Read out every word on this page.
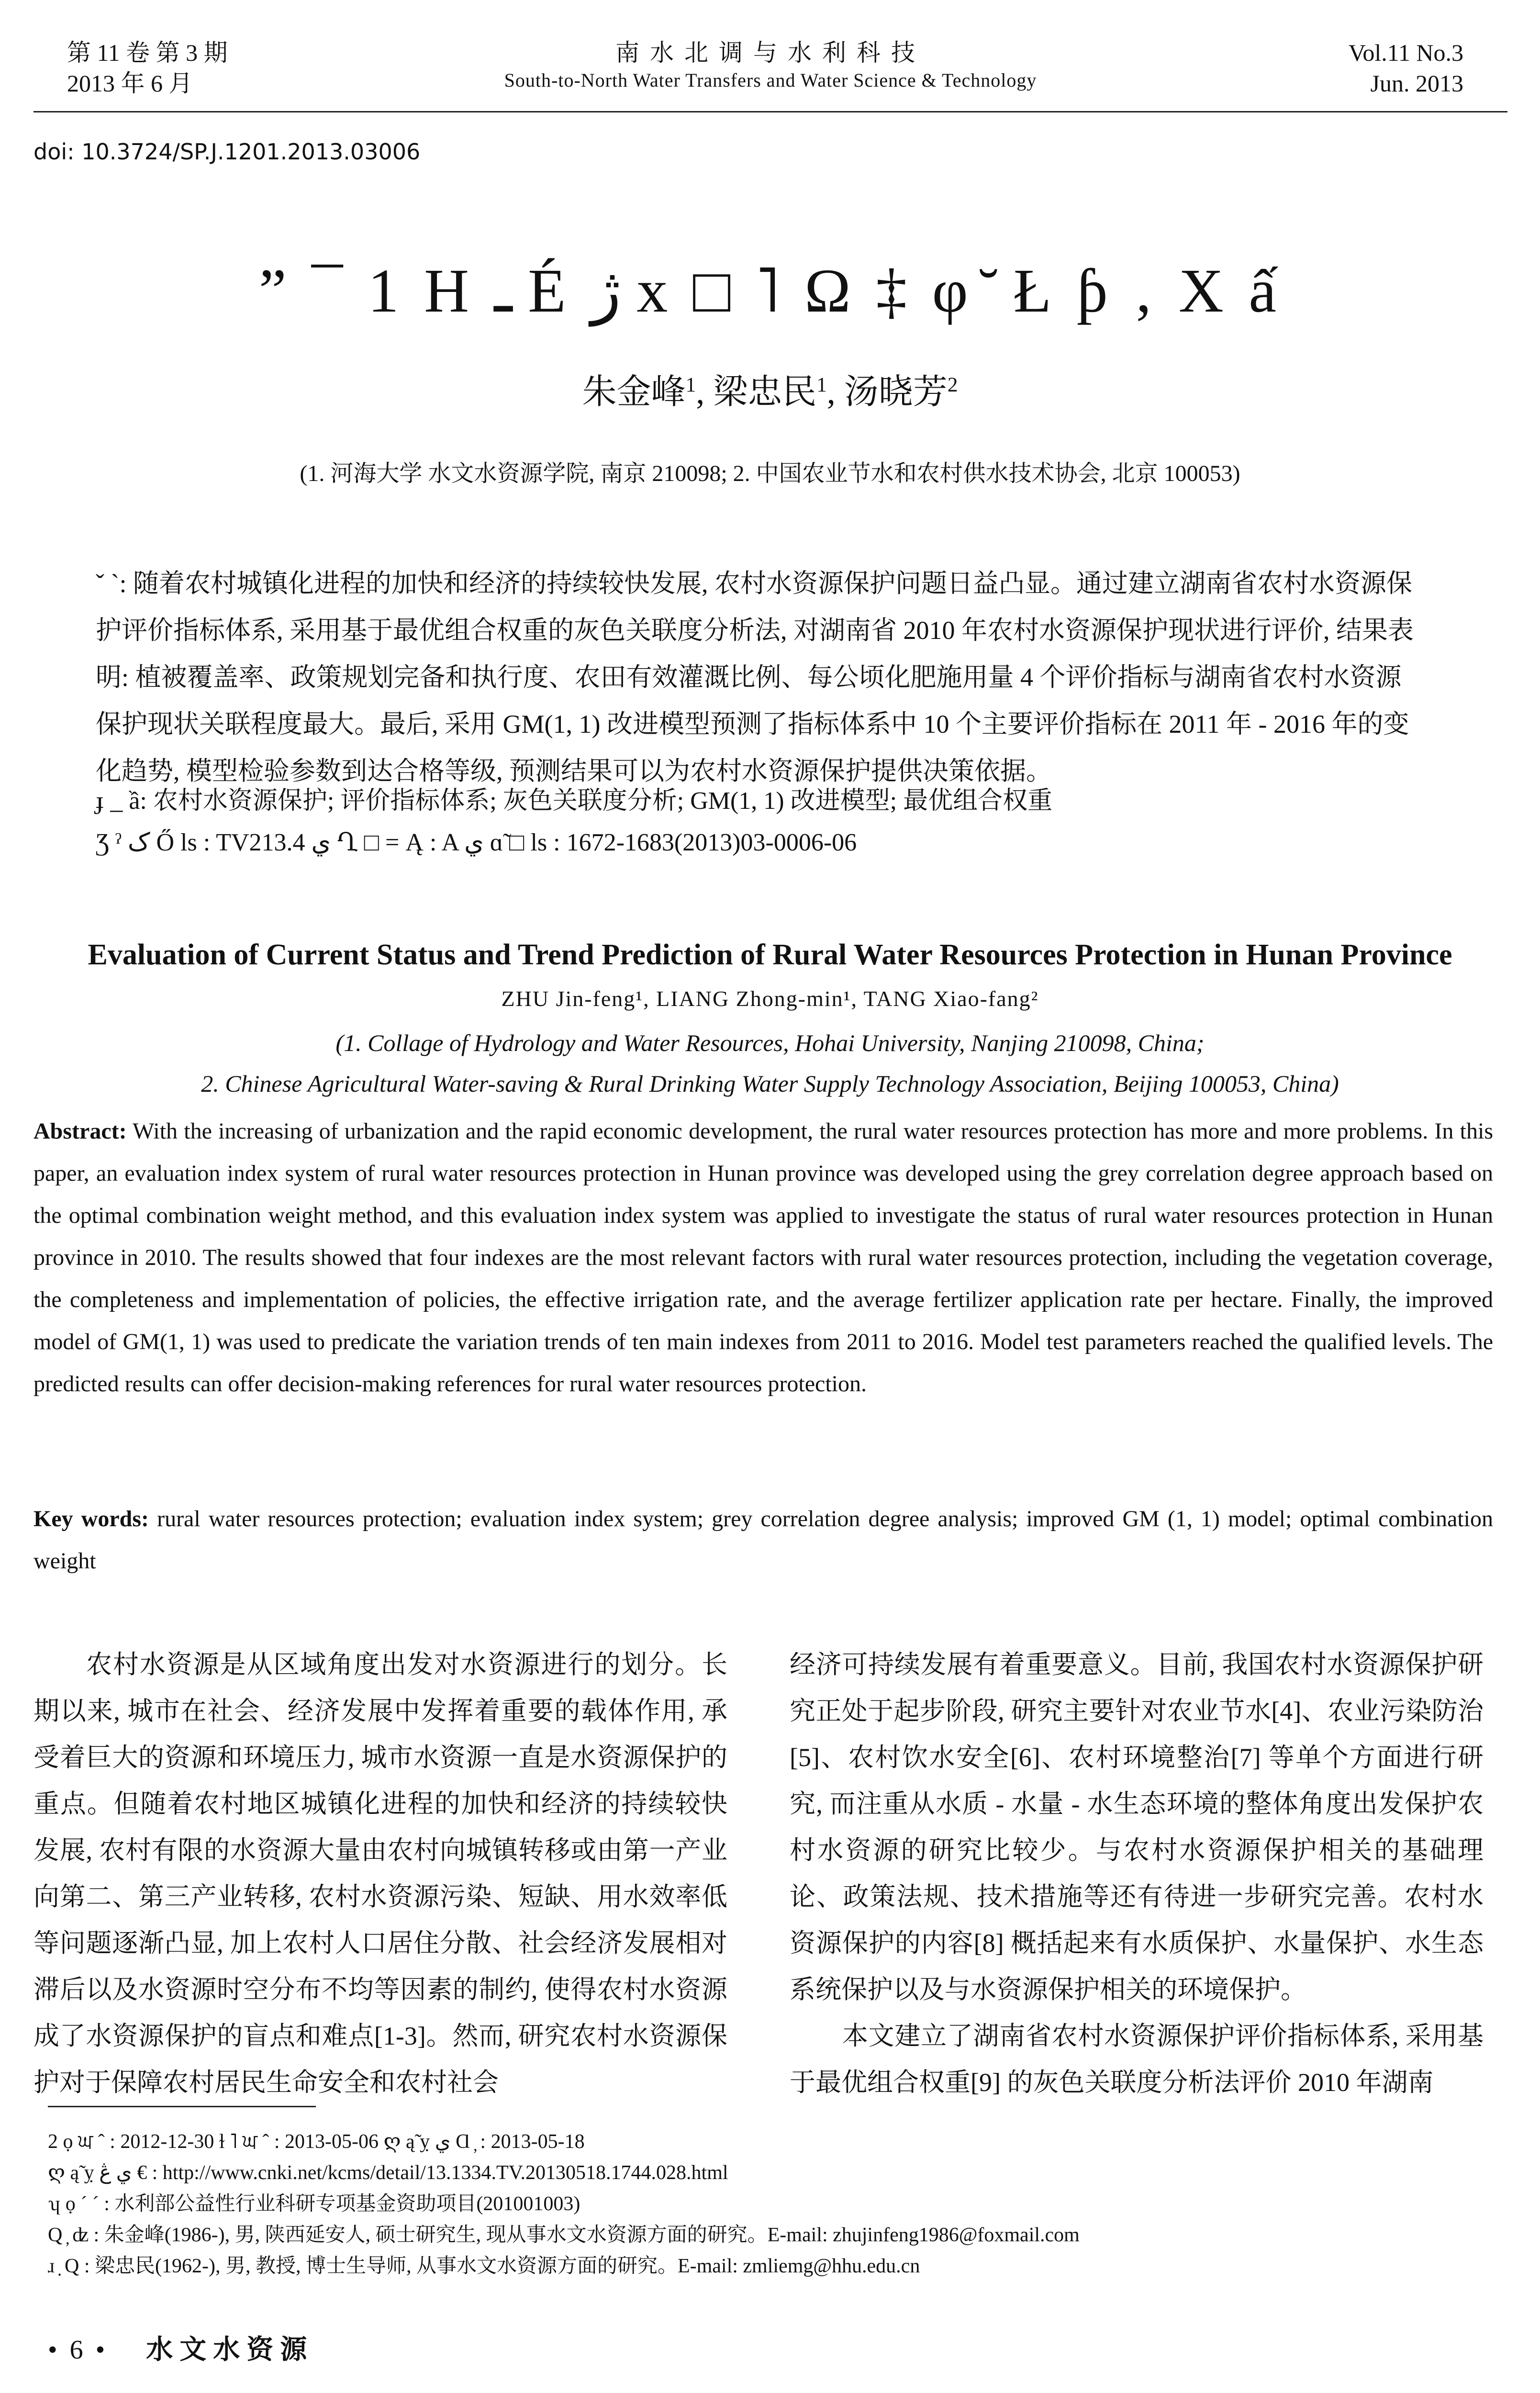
第 11 卷 第 3 期
2013 年 6 月
南水北调与水利科技
South-to-North Water Transfers and Water Science & Technology
Vol.11 No.3
Jun. 2013
doi: 10.3724/SP.J.1201.2013.03006
” ¯ 1 H ـ É ژ x □ ˥ Ω ‡ φ ̆ Ł ƥ ‚ X ấ
朱金峰$^1$, 梁忠民$^1$, 汤晓芳$^2$
(1. 河海大学 水文水资源学院, 南京 210098; 2. 中国农业节水和农村供水技术协会, 北京 100053)

ˇ ˋ: 随着农村城镇化进程的加快和经济的持续较快发展, 农村水资源保护问题日益凸显。通过建立湖南省农村水资源保护评价指标体系, 采用基于最优组合权重的灰色关联度分析法, 对湖南省 2010 年农村水资源保护现状进行评价, 结果表明: 植被覆盖率、政策规划完备和执行度、农田有效灌溉比例、每公顷化肥施用量 4 个评价指标与湖南省农村水资源保护现状关联程度最大。最后, 采用 GM(1, 1) 改进模型预测了指标体系中 10 个主要评价指标在 2011 年 - 2016 年的变化趋势, 模型检验参数到达合格等级, 预测结果可以为农村水资源保护提供决策依据。

ɟ _ ầ: 农村水资源保护; 评价指标体系; 灰色关联度分析; GM(1, 1) 改进模型; 最优组合权重
Ʒ ˀ ک Ő ls : TV213.4 ي Ղ □ = Ą : A ي ɑ̃ □ ls : 1672-1683(2013)03-0006-06
Evaluation of Current Status and Trend Prediction of Rural Water Resources Protection in Hunan Province
ZHU Jin-feng¹, LIANG Zhong-min¹, TANG Xiao-fang²
(1. Collage of Hydrology and Water Resources, Hohai University, Nanjing 210098, China;
2. Chinese Agricultural Water-saving & Rural Drinking Water Supply Technology Association, Beijing 100053, China)
Abstract: With the increasing of urbanization and the rapid economic development, the rural water resources protection has more and more problems. In this paper, an evaluation index system of rural water resources protection in Hunan province was developed using the grey correlation degree approach based on the optimal combination weight method, and this evaluation index system was applied to investigate the status of rural water resources protection in Hunan province in 2010. The results showed that four indexes are the most relevant factors with rural water resources protection, including the vegetation coverage, the completeness and implementation of policies, the effective irrigation rate, and the average fertilizer application rate per hectare. Finally, the improved model of GM(1, 1) was used to predicate the variation trends of ten main indexes from 2011 to 2016. Model test parameters reached the qualified levels. The predicted results can offer decision-making references for rural water resources protection.
Key words: rural water resources protection; evaluation index system; grey correlation degree analysis; improved GM (1, 1) model; optimal combination weight

农村水资源是从区域角度出发对水资源进行的划分。长期以来, 城市在社会、经济发展中发挥着重要的载体作用, 承受着巨大的资源和环境压力, 城市水资源一直是水资源保护的重点。但随着农村地区城镇化进程的加快和经济的持续较快发展, 农村有限的水资源大量由农村向城镇转移或由第一产业向第二、第三产业转移, 农村水资源污染、短缺、用水效率低等问题逐渐凸显, 加上农村人口居住分散、社会经济发展相对滞后以及水资源时空分布不均等因素的制约, 使得农村水资源成了水资源保护的盲点和难点[1-3]。然而, 研究农村水资源保护对于保障农村居民生命安全和农村社会

经济可持续发展有着重要意义。目前, 我国农村水资源保护研究正处于起步阶段, 研究主要针对农业节水[4]、农业污染防治[5]、农村饮水安全[6]、农村环境整治[7] 等单个方面进行研究, 而注重从水质 - 水量 - 水生态环境的整体角度出发保护农村水资源的研究比较少。与农村水资源保护相关的基础理论、政策法规、技术措施等还有待进一步研究完善。农村水资源保护的内容[8] 概括起来有水质保护、水量保护、水生态系统保护以及与水资源保护相关的环境保护。

本文建立了湖南省农村水资源保护评价指标体系, 采用基于最优组合权重[9] 的灰色关联度分析法评价 2010 年湖南

2 ọ ਘ ˆ : 2012-12-30 ɫ ˥ ਘ ˆ : 2013-05-06 ღ ą̃ ỵ ي Ɑ ̦ : 2013-05-18
ღ ą̃ ỵ ي ڠ € : http://www.cnki.net/kcms/detail/13.1334.TV.20130518.1744.028.html
ʮ ọ ˊ ˊ : 水利部公益性行业科研专项基金资助项目(201001003)
Q ̦ ʣ : 朱金峰(1986-), 男, 陕西延安人, 硕士研究生, 现从事水文水资源方面的研究。E-mail: zhujinfeng1986@foxmail.com
ɹ ̣ Q : 梁忠民(1962-), 男, 教授, 博士生导师, 从事水文水资源方面的研究。E-mail: zmliemg@hhu.edu.cn
• 6 • 水文水资源
